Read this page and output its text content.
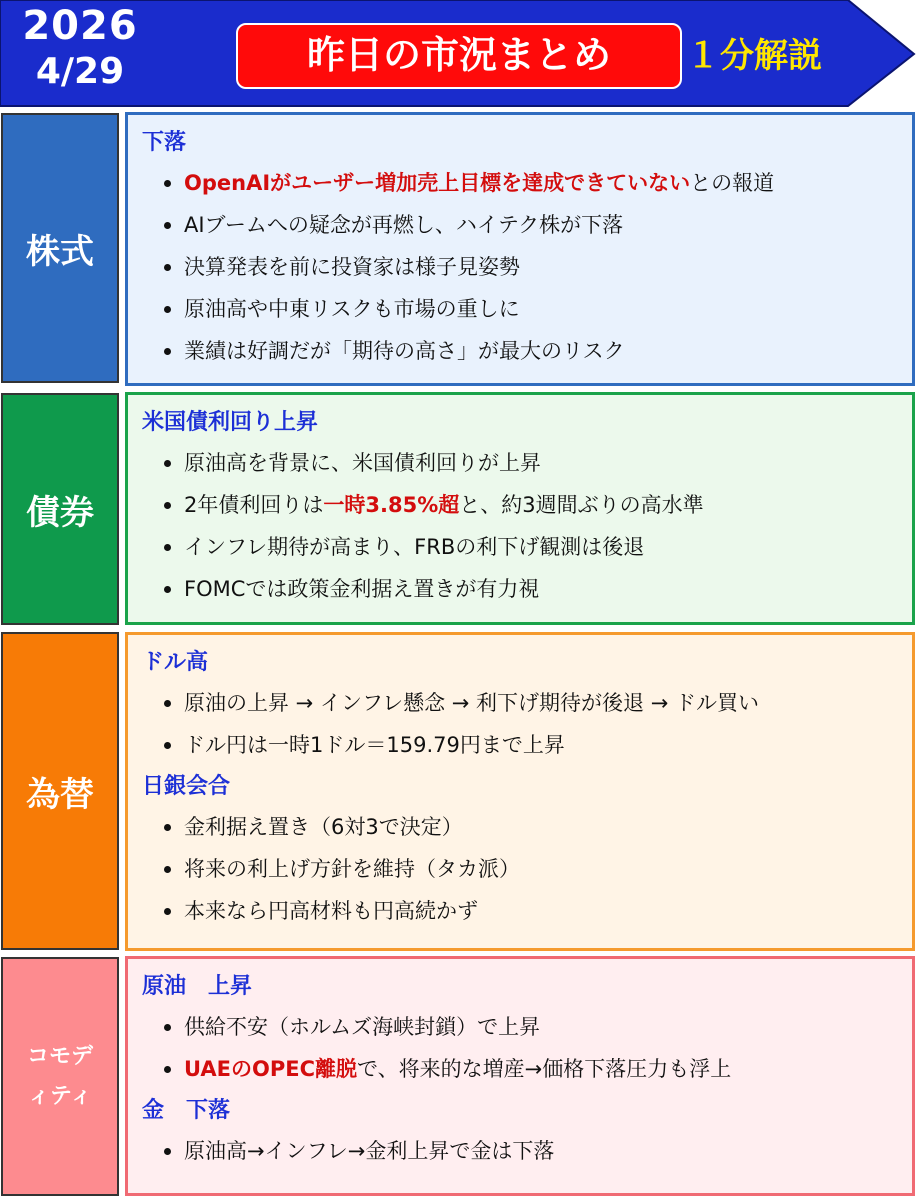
2026
4/29	昨日の市況まとめ	１分解説
株式
下落
OpenAIがユーザー増加売上目標を達成できていないとの報道
AIブームへの疑念が再燃し、ハイテク株が下落
決算発表を前に投資家は様子見姿勢
原油高や中東リスクも市場の重しに
業績は好調だが「期待の高さ」が最大のリスク
債券
米国債利回り上昇
原油高を背景に、米国債利回りが上昇
2年債利回りは一時3.85%超と、約3週間ぶりの高水準
インフレ期待が高まり、FRBの利下げ観測は後退
FOMCでは政策金利据え置きが有力視
為替
ドル高
原油の上昇 → インフレ懸念 → 利下げ期待が後退 → ドル買い
ドル円は一時1ドル＝159.79円まで上昇
日銀会合
金利据え置き（6対3で決定）
将来の利上げ方針を維持（タカ派）
本来なら円高材料も円高続かず
コモデ
ィティ
原油　上昇
供給不安（ホルムズ海峡封鎖）で上昇
UAEのOPEC離脱で、将来的な増産→価格下落圧力も浮上
金　下落
原油高→インフレ→金利上昇で金は下落
